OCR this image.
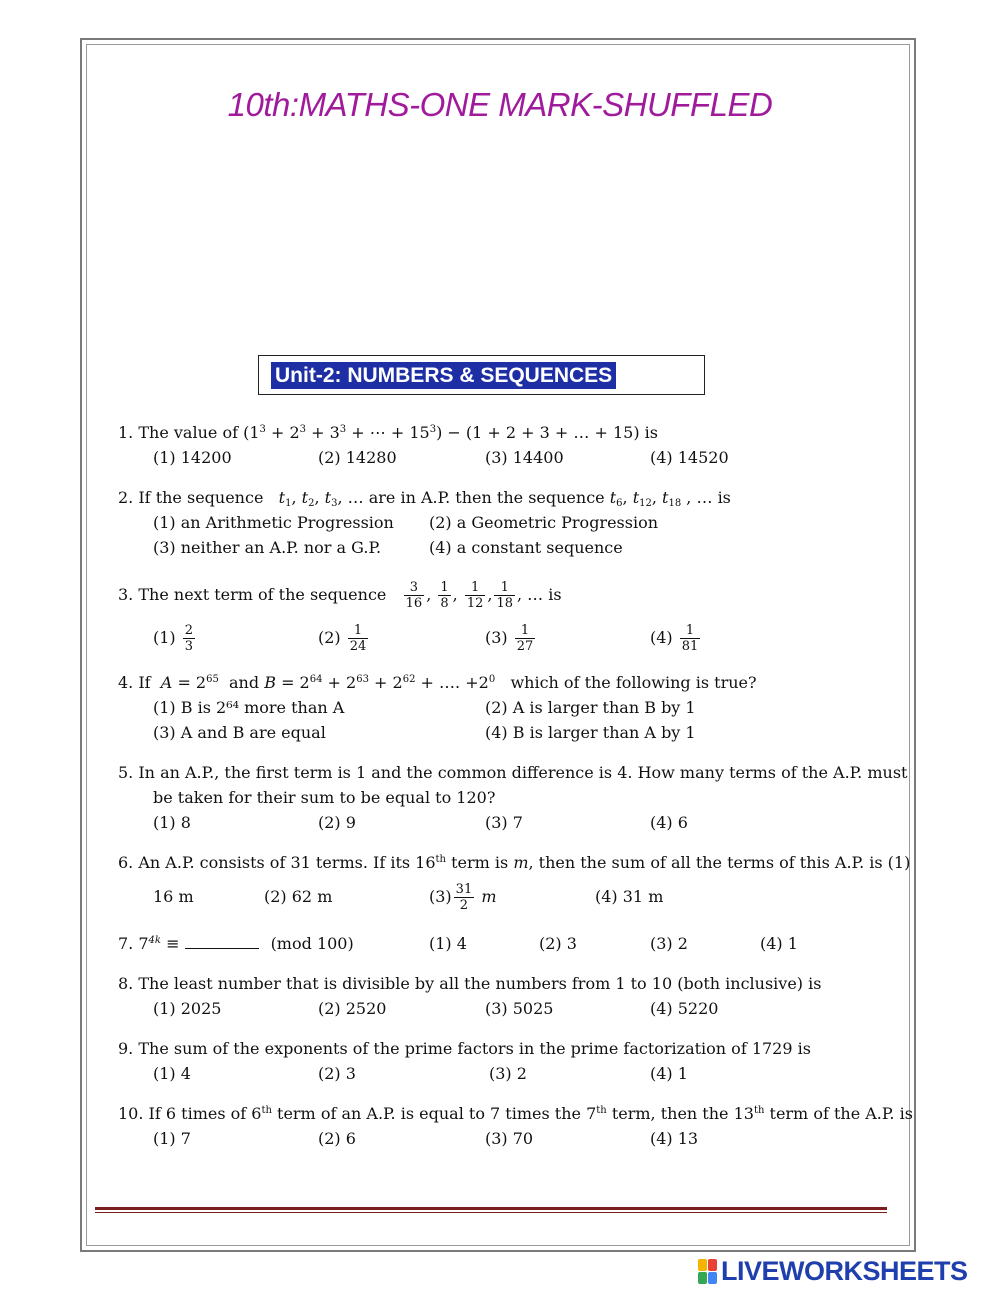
10th:MATHS-ONE MARK-SHUFFLED
Unit-2: NUMBERS & SEQUENCES
1. The value of ($1^3 + 2^3 + 3^3$ + ⋯ + $15^3) - (1 + 2 + 3$ + … + 15) is
(1) 14200	(2) 14280	(3) 14400	(4) 14520
2. If the sequence $t_1$, $t_2$, $t_3$, … are in A.P. then the sequence $t_6$, $t_{12}$, $t_{18}$ , … is
(1) an Arithmetic Progression (2) a Geometric Progression
(3) neither an A.P. nor a G.P.	(4) a constant sequence
3. The next term of the sequence $\frac{3}{16}$ , $\frac{1}{8}$ , $\frac{1}{12}$ , $\frac{1}{18}$ , … is
$(1) \frac{2}{3}$	$(2) \frac{1}{24}$	$(3) \frac{1}{27}$	$(4) \frac{1}{81}$
4. If $A = 2^{65}$ and $B = 2^{64} + 2^{63} + 2^{62}$ + …. $+2^0$ which of the following is true?
(1) B is 2⁶⁴ more than A	(2) A is larger than B by 1
(3) A and B are equal	(4) B is larger than A by 1
5. In an A.P., the first term is 1 and the common difference is 4. How many terms of the A.P. must
be taken for their sum to be equal to 120?
(1) 8	(2) 9	(3) 7	(4) 6
6. An A.P. consists of 31 terms. If its 16th term is m, then the sum of all the terms of this A.P. is (1)
16 m	(2) 62 m	$(3) \frac{31}{2}$ m	(4) 31 m
7. $7^{4k}$ ≡	(mod 100)	(1) 4	(2) 3	(3) 2	(4) 1
8. The least number that is divisible by all the numbers from 1 to 10 (both inclusive) is
(1) 2025	(2) 2520	(3) 5025	(4) 5220
9. The sum of the exponents of the prime factors in the prime factorization of 1729 is
(1) 4	(2) 3	(3) 2	(4) 1
10. If 6 times of 6th term of an A.P. is equal to 7 times the 7th term, then the 13th term of the A.P. is
(1) 7	(2) 6	(3) 70	(4) 13
LIVEWORKSHEETS
